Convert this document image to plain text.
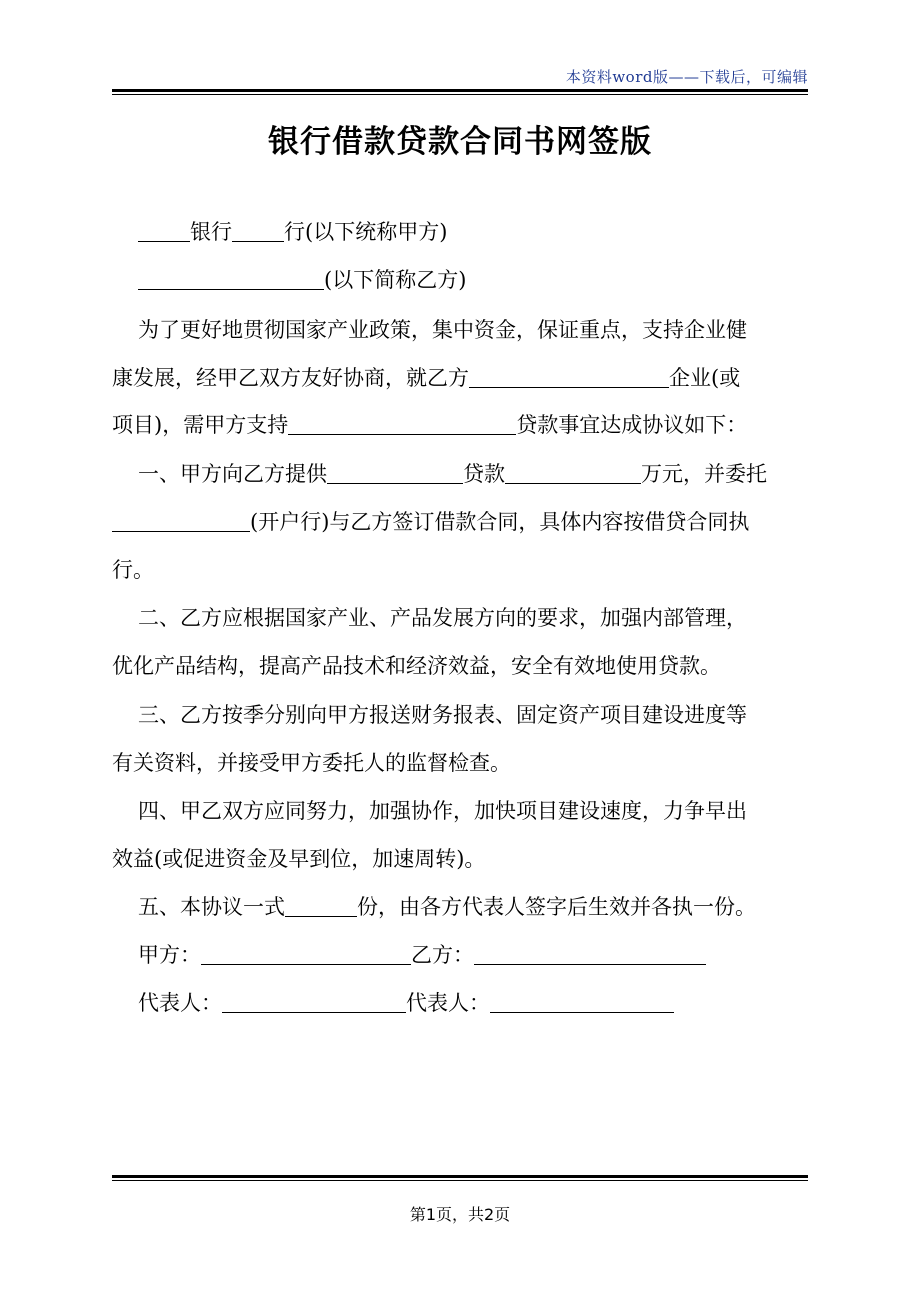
本资料word版——下载后，可编辑
银行借款贷款合同书网签版
银行 行(以下统称甲方)
(以下简称乙方)
为了更好地贯彻国家产业政策，集中资金，保证重点，支持企业健
康发展，经甲乙双方友好协商，就乙方	企业(或
项目)，需甲方支持	贷款事宜达成协议如下：
一、甲方向乙方提供	贷款	万元，并委托
(开户行)与乙方签订借款合同，具体内容按借贷合同执
行。
二、乙方应根据国家产业、产品发展方向的要求，加强内部管理，
优化产品结构，提高产品技术和经济效益，安全有效地使用贷款。
三、乙方按季分别向甲方报送财务报表、固定资产项目建设进度等
有关资料，并接受甲方委托人的监督检查。
四、甲乙双方应同努力，加强协作，加快项目建设速度，力争早出
效益(或促进资金及早到位，加速周转)。
五、本协议一式	份，由各方代表人签字后生效并各执一份。
甲方：	乙方：
代表人：	代表人：
第1页，共2页
